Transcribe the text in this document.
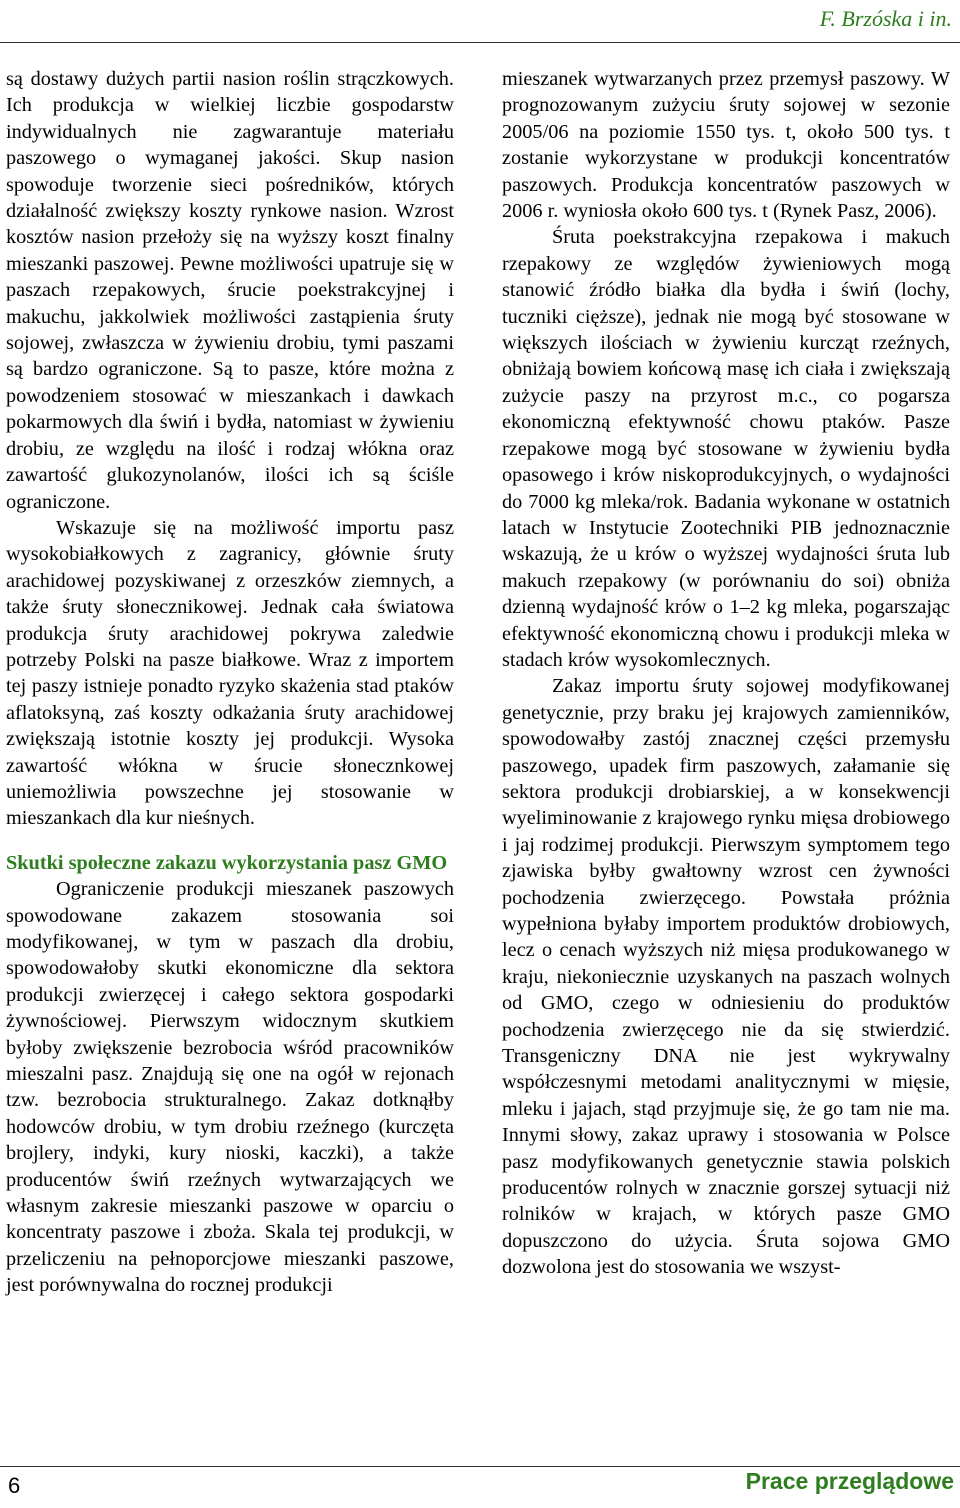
F. Brzóska i in.

są dostawy dużych partii nasion roślin strączkowych. Ich produkcja w wielkiej liczbie gospodarstw indywidualnych nie zagwarantuje materiału paszowego o wymaganej jakości. Skup nasion spowoduje tworzenie sieci pośredników, których działalność zwiększy koszty rynkowe nasion. Wzrost kosztów nasion przełoży się na wyższy koszt finalny mieszanki paszowej. Pewne możliwości upatruje się w paszach rzepakowych, śrucie poekstrakcyjnej i makuchu, jakkolwiek możliwości zastąpienia śruty sojowej, zwłaszcza w żywieniu drobiu, tymi paszami są bardzo ograniczone. Są to pasze, które można z powodzeniem stosować w mieszankach i dawkach pokarmowych dla świń i bydła, natomiast w żywieniu drobiu, ze względu na ilość i rodzaj włókna oraz zawartość glukozynolanów, ilości ich są ściśle ograniczone.

Wskazuje się na możliwość importu pasz wysokobiałkowych z zagranicy, głównie śruty arachidowej pozyskiwanej z orzeszków ziemnych, a także śruty słonecznikowej. Jednak cała światowa produkcja śruty arachidowej pokrywa zaledwie potrzeby Polski na pasze białkowe. Wraz z importem tej paszy istnieje ponadto ryzyko skażenia stad ptaków aflatoksyną, zaś koszty odkażania śruty arachidowej zwiększają istotnie koszty jej produkcji. Wysoka zawartość włókna w śrucie słonecznkowej uniemożliwia powszechne jej stosowanie w mieszankach dla kur nieśnych.

Skutki społeczne zakazu wykorzystania pasz GMO

Ograniczenie produkcji mieszanek paszowych spowodowane zakazem stosowania soi modyfikowanej, w tym w paszach dla drobiu, spowodowałoby skutki ekonomiczne dla sektora produkcji zwierzęcej i całego sektora gospodarki żywnościowej. Pierwszym widocznym skutkiem byłoby zwiększenie bezrobocia wśród pracowników mieszalni pasz. Znajdują się one na ogół w rejonach tzw. bezrobocia strukturalnego. Zakaz dotknąłby hodowców drobiu, w tym drobiu rzeźnego (kurczęta brojlery, indyki, kury nioski, kaczki), a także producentów świń rzeźnych wytwarzających we własnym zakresie mieszanki paszowe w oparciu o koncentraty paszowe i zboża. Skala tej produkcji, w przeliczeniu na pełnoporcjowe mieszanki paszowe, jest porównywalna do rocznej produkcji

mieszanek wytwarzanych przez przemysł paszowy. W prognozowanym zużyciu śruty sojowej w sezonie 2005/06 na poziomie 1550 tys. t, około 500 tys. t zostanie wykorzystane w produkcji koncentratów paszowych. Produkcja koncentratów paszowych w 2006 r. wyniosła około 600 tys. t (Rynek Pasz, 2006).

Śruta poekstrakcyjna rzepakowa i makuch rzepakowy ze względów żywieniowych mogą stanowić źródło białka dla bydła i świń (lochy, tuczniki cięższe), jednak nie mogą być stosowane w większych ilościach w żywieniu kurcząt rzeźnych, obniżają bowiem końcową masę ich ciała i zwiększają zużycie paszy na przyrost m.c., co pogarsza ekonomiczną efektywność chowu ptaków. Pasze rzepakowe mogą być stosowane w żywieniu bydła opasowego i krów niskoprodukcyjnych, o wydajności do 7000 kg mleka/rok. Badania wykonane w ostatnich latach w Instytucie Zootechniki PIB jednoznacznie wskazują, że u krów o wyższej wydajności śruta lub makuch rzepakowy (w porównaniu do soi) obniża dzienną wydajność krów o 1–2 kg mleka, pogarszając efektywność ekonomiczną chowu i produkcji mleka w stadach krów wysokomlecznych.

Zakaz importu śruty sojowej modyfikowanej genetycznie, przy braku jej krajowych zamienników, spowodowałby zastój znacznej części przemysłu paszowego, upadek firm paszowych, załamanie się sektora produkcji drobiarskiej, a w konsekwencji wyeliminowanie z krajowego rynku mięsa drobiowego i jaj rodzimej produkcji. Pierwszym symptomem tego zjawiska byłby gwałtowny wzrost cen żywności pochodzenia zwierzęcego. Powstała próżnia wypełniona byłaby importem produktów drobiowych, lecz o cenach wyższych niż mięsa produkowanego w kraju, niekoniecznie uzyskanych na paszach wolnych od GMO, czego w odniesieniu do produktów pochodzenia zwierzęcego nie da się stwierdzić. Transgeniczny DNA nie jest wykrywalny współczesnymi metodami analitycznymi w mięsie, mleku i jajach, stąd przyjmuje się, że go tam nie ma. Innymi słowy, zakaz uprawy i stosowania w Polsce pasz modyfikowanych genetycznie stawia polskich producentów rolnych w znacznie gorszej sytuacji niż rolników w krajach, w których pasze GMO dopuszczono do użycia. Śruta sojowa GMO dozwolona jest do stosowania we wszyst-

6	Prace przeglądowe
